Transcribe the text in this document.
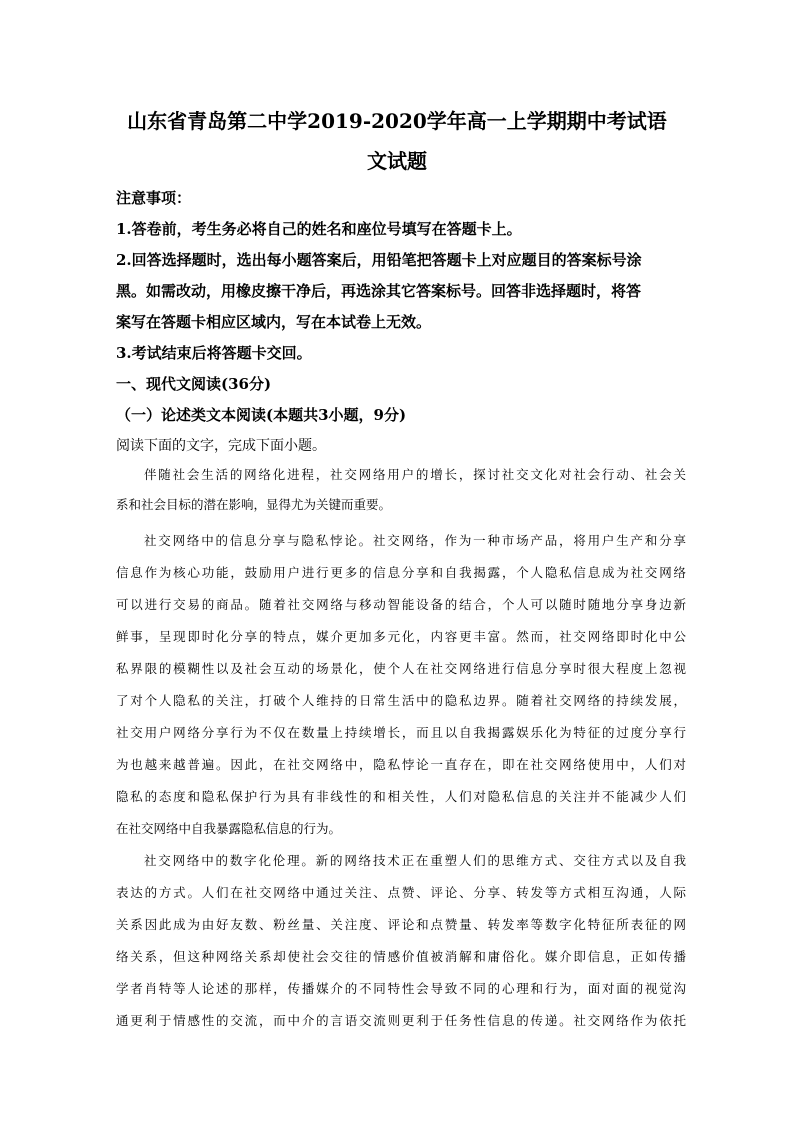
山东省青岛第二中学2019-2020学年高一上学期期中考试语
文试题
注意事项：
1.答卷前，考生务必将自己的姓名和座位号填写在答题卡上。
2.回答选择题时，选出每小题答案后，用铅笔把答题卡上对应题目的答案标号涂
黑。如需改动，用橡皮擦干净后，再选涂其它答案标号。回答非选择题时，将答
案写在答题卡相应区域内，写在本试卷上无效。
3.考试结束后将答题卡交回。
一、现代文阅读(36分)
（一）论述类文本阅读(本题共3小题，9分)
阅读下面的文字，完成下面小题。
伴随社会生活的网络化进程，社交网络用户的增长，探讨社交文化对社会行动、社会关
系和社会目标的潜在影响，显得尤为关键而重要。
社交网络中的信息分享与隐私悖论。社交网络，作为一种市场产品，将用户生产和分享
信息作为核心功能，鼓励用户进行更多的信息分享和自我揭露，个人隐私信息成为社交网络
可以进行交易的商品。随着社交网络与移动智能设备的结合，个人可以随时随地分享身边新
鲜事，呈现即时化分享的特点，媒介更加多元化，内容更丰富。然而，社交网络即时化中公
私界限的模糊性以及社会互动的场景化，使个人在社交网络进行信息分享时很大程度上忽视
了对个人隐私的关注，打破个人维持的日常生活中的隐私边界。随着社交网络的持续发展，
社交用户网络分享行为不仅在数量上持续增长，而且以自我揭露娱乐化为特征的过度分享行
为也越来越普遍。因此，在社交网络中，隐私悖论一直存在，即在社交网络使用中，人们对
隐私的态度和隐私保护行为具有非线性的和相关性，人们对隐私信息的关注并不能减少人们
在社交网络中自我暴露隐私信息的行为。
社交网络中的数字化伦理。新的网络技术正在重塑人们的思维方式、交往方式以及自我
表达的方式。人们在社交网络中通过关注、点赞、评论、分享、转发等方式相互沟通，人际
关系因此成为由好友数、粉丝量、关注度、评论和点赞量、转发率等数字化特征所表征的网
络关系，但这种网络关系却使社会交往的情感价值被消解和庸俗化。媒介即信息，正如传播
学者肖特等人论述的那样，传播媒介的不同特性会导致不同的心理和行为，面对面的视觉沟
通更利于情感性的交流，而中介的言语交流则更利于任务性信息的传递。社交网络作为依托
